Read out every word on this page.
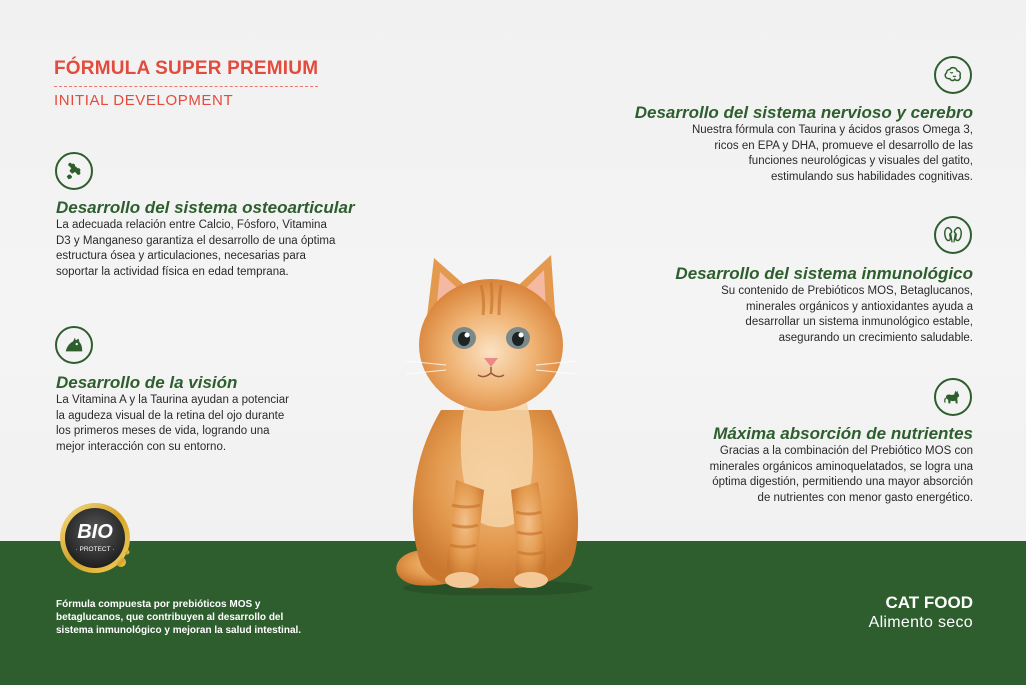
FÓRMULA SUPER PREMIUM
INITIAL DEVELOPMENT
Desarrollo del sistema osteoarticular

La adecuada relación entre Calcio, Fósforo, Vitamina
D3 y Manganeso garantiza el desarrollo de una óptima
estructura ósea y articulaciones, necesarias para
soportar la actividad física en edad temprana.

Desarrollo de la visión

La Vitamina A y la Taurina ayudan a potenciar
la agudeza visual de la retina del ojo durante
los primeros meses de vida, logrando una
mejor interacción con su entorno.

Desarrollo del sistema nervioso y cerebro

Nuestra fórmula con Taurina y ácidos grasos Omega 3,
ricos en EPA y DHA, promueve el desarrollo de las
funciones neurológicas y visuales del gatito,
estimulando sus habilidades cognitivas.

Desarrollo del sistema inmunológico

Su contenido de Prebióticos MOS, Betaglucanos,
minerales orgánicos y antioxidantes ayuda a
desarrollar un sistema inmunológico estable,
asegurando un crecimiento saludable.

Máxima absorción de nutrientes

Gracias a la combinación del Prebiótico MOS con
minerales orgánicos aminoquelatados, se logra una
óptima digestión, permitiendo una mayor absorción
de nutrientes con menor gasto energético.

BIO
· PROTECT ·
Fórmula compuesta por prebióticos MOS y
betaglucanos, que contribuyen al desarrollo del
sistema inmunológico y mejoran la salud intestinal.
CAT FOOD
Alimento seco
